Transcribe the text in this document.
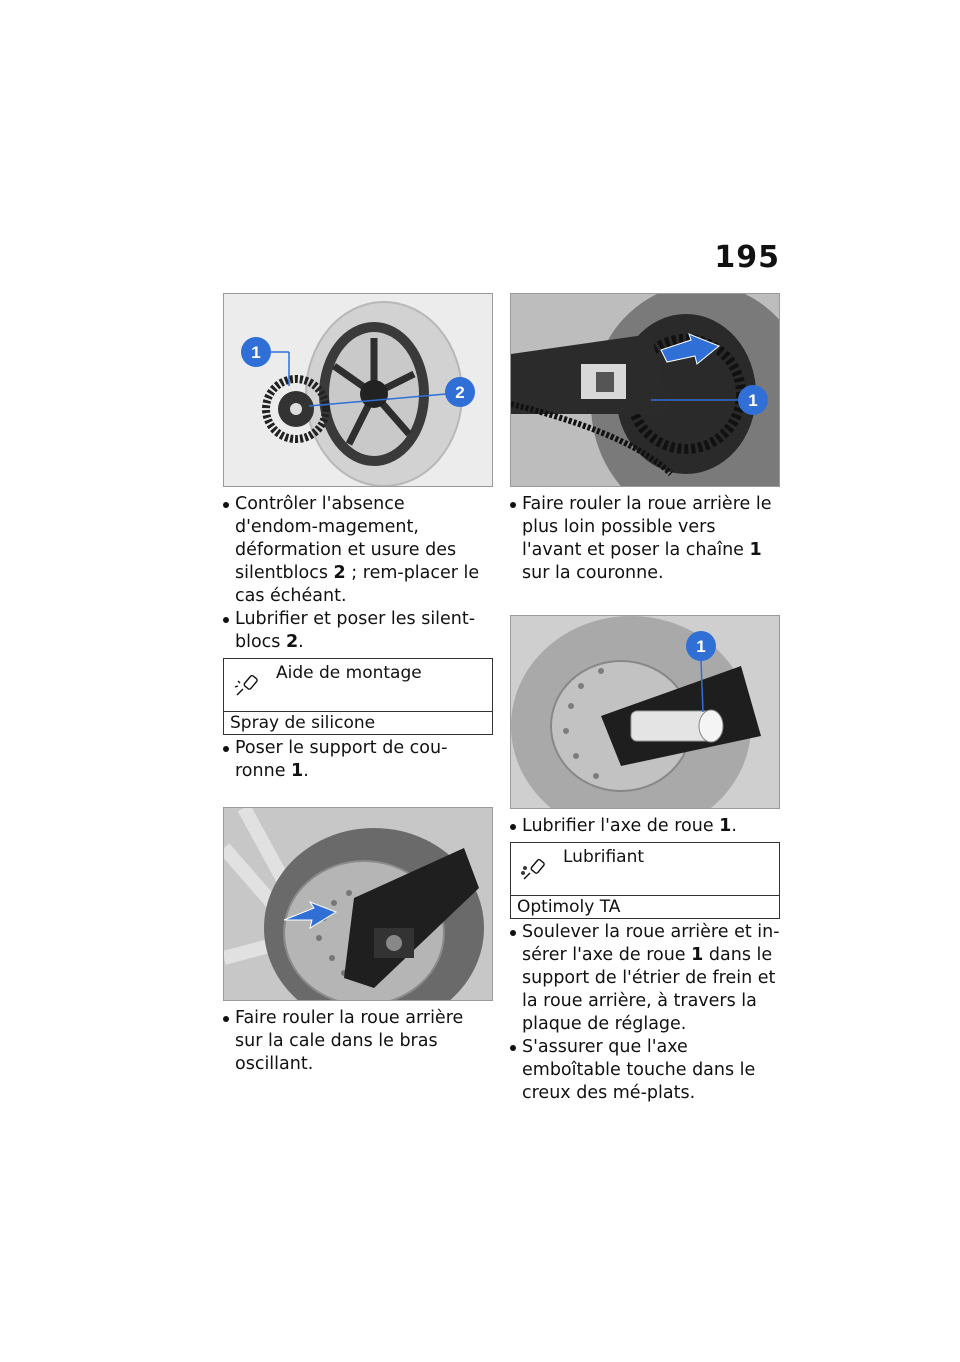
195
1
2
Contrôler l'absence d'endom-magement, déformation et usure des silentblocs 2 ; rem-placer le cas échéant.
Lubrifier et poser les silent-blocs 2.
Aide de montage
Spray de silicone
Poser le support de cou-ronne 1.
Faire rouler la roue arrière sur la cale dans le bras oscillant.
1
Faire rouler la roue arrière le plus loin possible vers l'avant et poser la chaîne 1 sur la couronne.
1
Lubrifier l'axe de roue 1.
Lubrifiant
Optimoly TA
Soulever la roue arrière et in-sérer l'axe de roue 1 dans le support de l'étrier de frein et la roue arrière, à travers la plaque de réglage.
S'assurer que l'axe emboîtable touche dans le creux des mé-plats.
